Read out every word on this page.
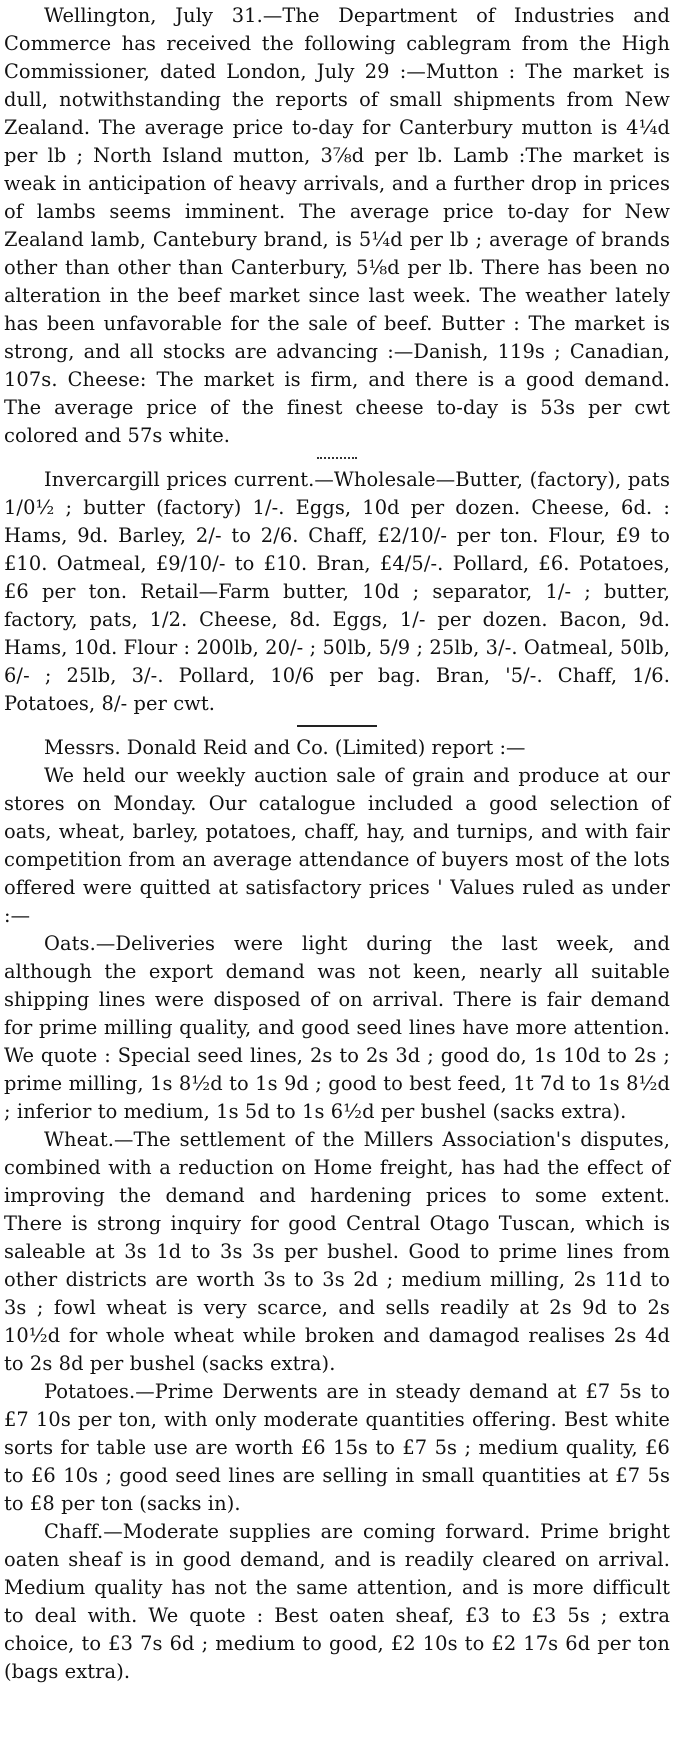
Wellington, July 31.—The Department of Industries and Commerce has received the following cablegram from the High Commissioner, dated London, July 29 :—Mutton : The market is dull, notwithstanding the reports of small shipments from New Zealand. The average price to-day for Canterbury mutton is 4¼d per lb ; North Island mutton, 3⅞d per lb. Lamb :The market is weak in anticipation of heavy arrivals, and a further drop in prices of lambs seems imminent. The average price to-day for New Zealand lamb, Cantebury brand, is 5¼d per lb ; average of brands other than other than Canterbury, 5⅛d per lb. There has been no alteration in the beef market since last week. The weather lately has been unfavorable for the sale of beef. Butter : The market is strong, and all stocks are advancing :—Danish, 119s ; Canadian, 107s. Cheese: The market is firm, and there is a good demand. The average price of the finest cheese to-day is 53s per cwt colored and 57s white.

Invercargill prices current.—Wholesale—Butter, (factory), pats 1/0½ ; butter (factory) 1/-. Eggs, 10d per dozen. Cheese, 6d. : Hams, 9d. Barley, 2/- to 2/6. Chaff, £2/10/- per ton. Flour, £9 to £10. Oatmeal, £9/10/- to £10. Bran, £4/5/-. Pollard, £6. Potatoes, £6 per ton. Retail—Farm butter, 10d ; separator, 1/- ; butter, factory, pats, 1/2. Cheese, 8d. Eggs, 1/- per dozen. Bacon, 9d. Hams, 10d. Flour : 200lb, 20/- ; 50lb, 5/9 ; 25lb, 3/-. Oatmeal, 50lb, 6/- ; 25lb, 3/-. Pollard, 10/6 per bag. Bran, '5/-. Chaff, 1/6. Potatoes, 8/- per cwt.

Messrs. Donald Reid and Co. (Limited) report :—

We held our weekly auction sale of grain and produce at our stores on Monday. Our catalogue included a good selection of oats, wheat, barley, potatoes, chaff, hay, and turnips, and with fair competition from an average attendance of buyers most of the lots offered were quitted at satisfactory prices ' Values ruled as under :—

Oats.—Deliveries were light during the last week, and although the export demand was not keen, nearly all suitable shipping lines were disposed of on arrival. There is fair demand for prime milling quality, and good seed lines have more attention. We quote : Special seed lines, 2s to 2s 3d ; good do, 1s 10d to 2s ; prime milling, 1s 8½d to 1s 9d ; good to best feed, 1t 7d to 1s 8½d ; inferior to medium, 1s 5d to 1s 6½d per bushel (sacks extra).

Wheat.—The settlement of the Millers Association's disputes, combined with a reduction on Home freight, has had the effect of improving the demand and hardening prices to some extent. There is strong inquiry for good Central Otago Tuscan, which is saleable at 3s 1d to 3s 3s per bushel. Good to prime lines from other districts are worth 3s to 3s 2d ; medium milling, 2s 11d to 3s ; fowl wheat is very scarce, and sells readily at 2s 9d to 2s 10½d for whole wheat while broken and damagod realises 2s 4d to 2s 8d per bushel (sacks extra).

Potatoes.—Prime Derwents are in steady demand at £7 5s to £7 10s per ton, with only moderate quantities offering. Best white sorts for table use are worth £6 15s to £7 5s ; medium quality, £6 to £6 10s ; good seed lines are selling in small quantities at £7 5s to £8 per ton (sacks in).

Chaff.—Moderate supplies are coming forward. Prime bright oaten sheaf is in good demand, and is readily cleared on arrival. Medium quality has not the same attention, and is more difficult to deal with. We quote : Best oaten sheaf, £3 to £3 5s ; extra choice, to £3 7s 6d ; medium to good, £2 10s to £2 17s 6d per ton (bags extra).
